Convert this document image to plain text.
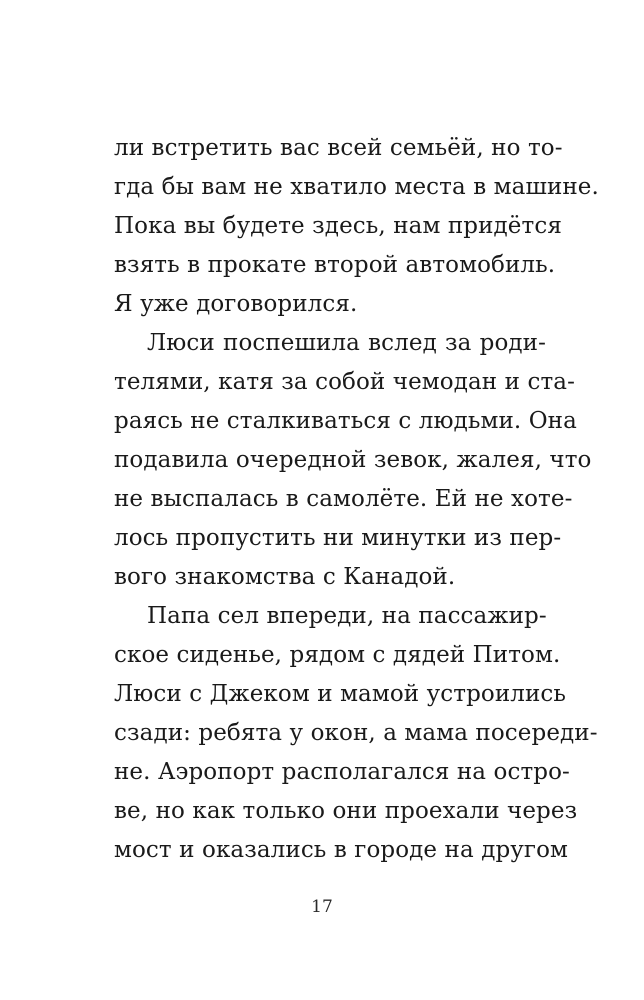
ли встретить вас всей семьёй, но то-
гда бы вам не хватило места в машине.
Пока вы будете здесь, нам придётся
взять в прокате второй автомобиль.
Я уже договорился.
Люси поспешила вслед за роди-
телями, катя за собой чемодан и ста-
раясь не сталкиваться с людьми. Она
подавила очередной зевок, жалея, что
не выспалась в самолёте. Ей не хоте-
лось пропустить ни минутки из пер-
вого знакомства с Канадой.
Папа сел впереди, на пассажир-
ское сиденье, рядом с дядей Питом.
Люси с Джеком и мамой устроились
сзади: ребята у окон, а мама посереди-
не. Аэропорт располагался на остро-
ве, но как только они проехали через
мост и оказались в городе на другом
17
